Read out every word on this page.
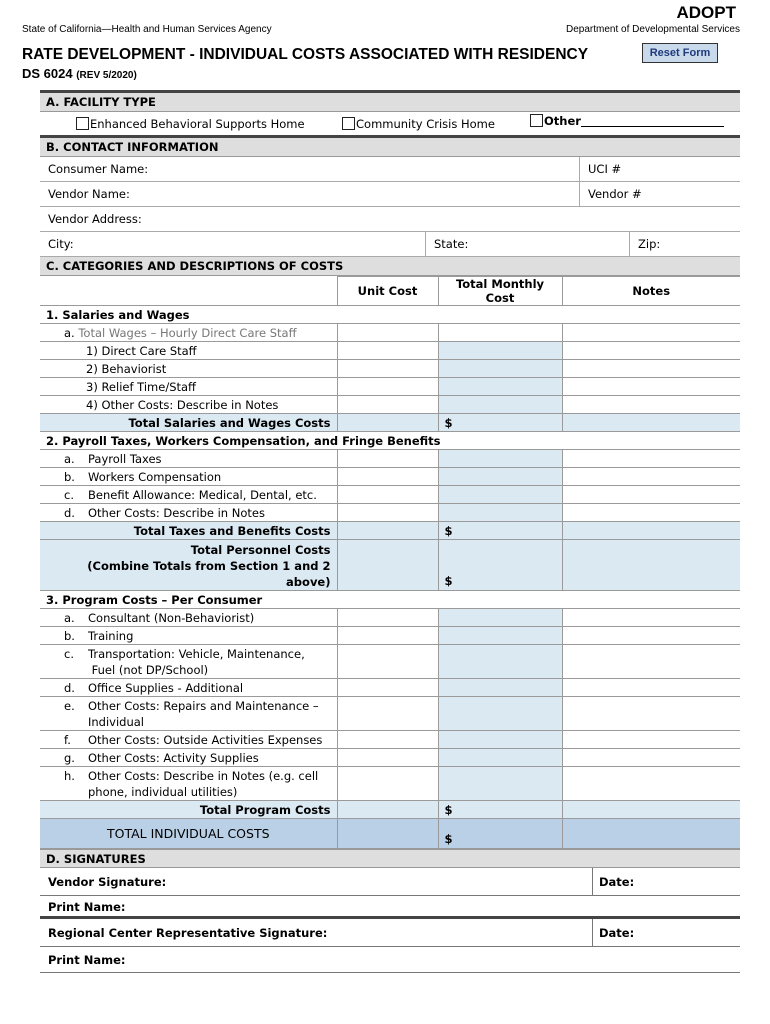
ADOPT
State of California—Health and Human Services Agency	Department of Developmental Services
RATE DEVELOPMENT - INDIVIDUAL COSTS ASSOCIATED WITH RESIDENCY
DS 6024 (REV 5/2020)
Reset Form
A. FACILITY TYPE
Enhanced Behavioral Supports Home	Community Crisis Home	Other
B. CONTACT INFORMATION
Consumer Name:	UCI #
Vendor Name:	Vendor #
Vendor Address:
City:	State:	Zip:
C. CATEGORIES AND DESCRIPTIONS OF COSTS
	Unit Cost	Total Monthly Cost	Notes
1. Salaries and Wages			
a. Total Wages – Hourly Direct Care Staff			
1) Direct Care Staff			
2) Behaviorist			
3) Relief Time/Staff			
4) Other Costs: Describe in Notes			
Total Salaries and Wages Costs		$	
2. Payroll Taxes, Workers Compensation, and Fringe Benefits			
a. Payroll Taxes			
b. Workers Compensation			
c. Benefit Allowance: Medical, Dental, etc.			
d. Other Costs: Describe in Notes			
Total Taxes and Benefits Costs		$	

Total Personnel Costs
(Combine Totals from Section 1 and 2 above)		$	
3. Program Costs – Per Consumer			
a. Consultant (Non-Behaviorist)			
b. Training			
c. Transportation: Vehicle, Maintenance,
Fuel (not DP/School)			
d. Office Supplies - Additional			
e. Other Costs: Repairs and Maintenance –
Individual			
f. Other Costs: Outside Activities Expenses			
g. Other Costs: Activity Supplies			
h. Other Costs: Describe in Notes (e.g. cell
phone, individual utilities)			
Total Program Costs		$	
TOTAL INDIVIDUAL COSTS		$	
D. SIGNATURES
Vendor Signature:	Date:
Print Name:
Regional Center Representative Signature:	Date:
Print Name:
